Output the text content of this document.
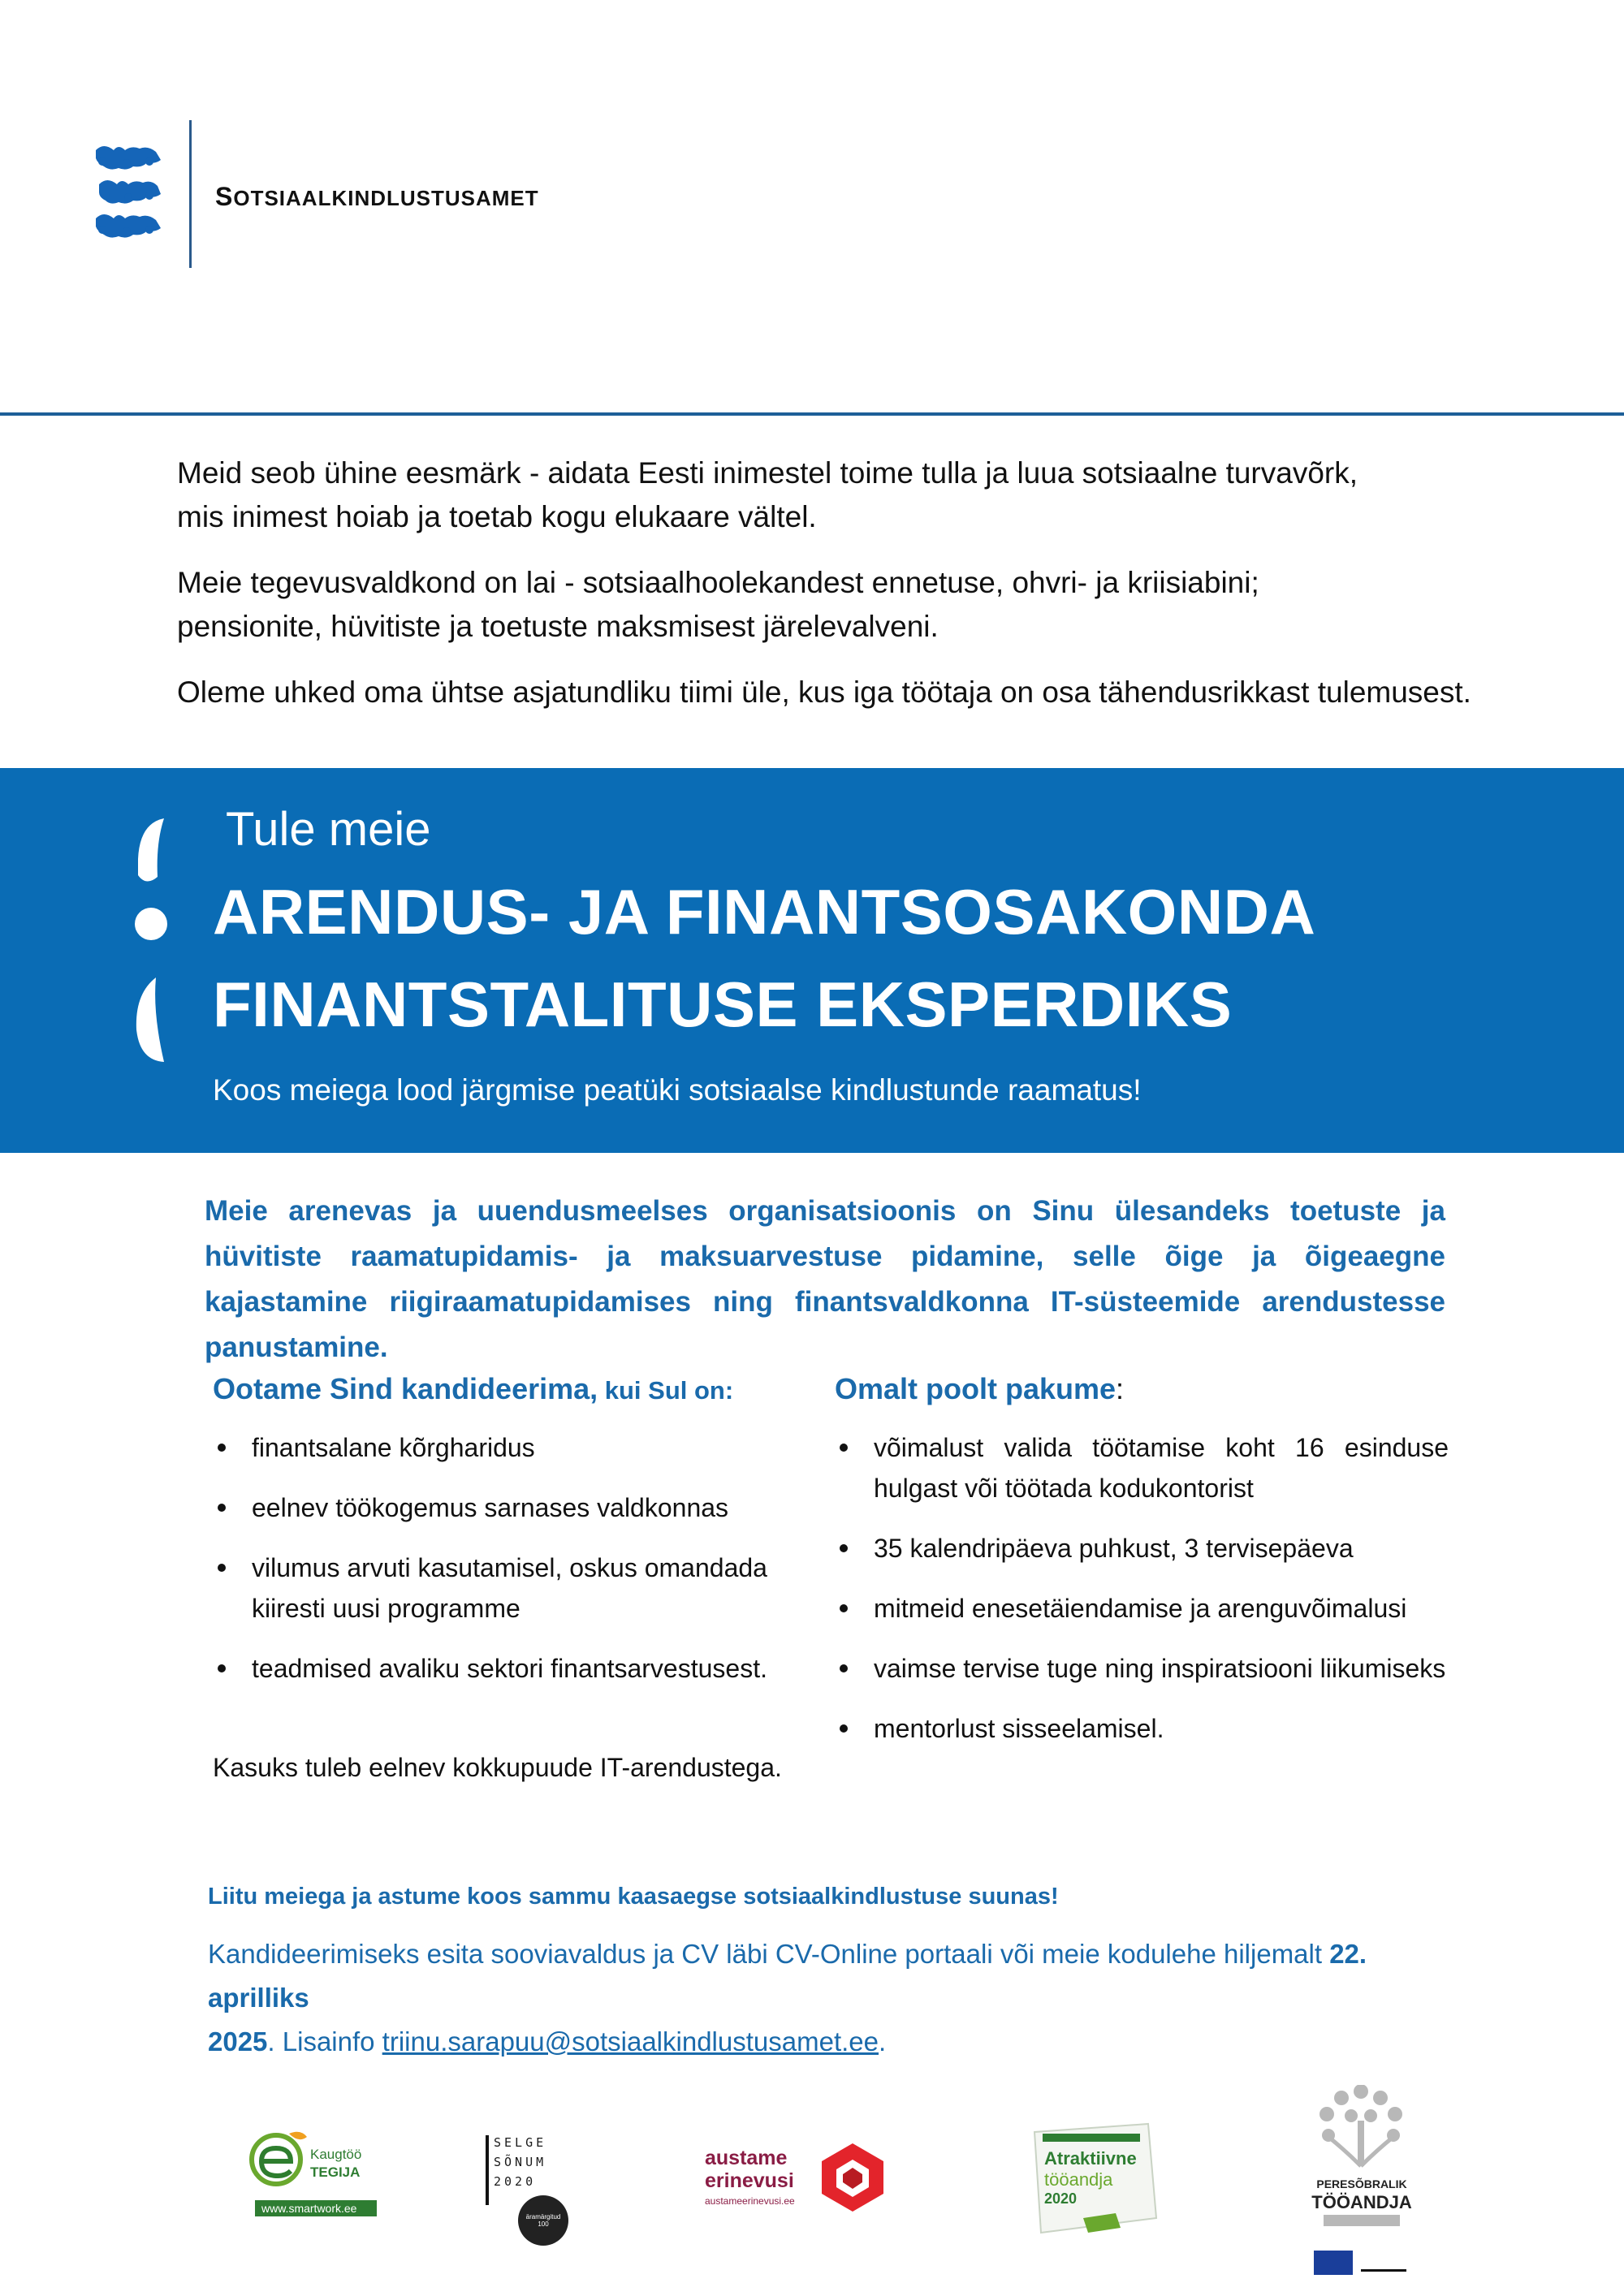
SOTSIAALKINDLUSTUSAMET

Meid seob ühine eesmärk - aidata Eesti inimestel toime tulla ja luua sotsiaalne turvavõrk,
mis inimest hoiab ja toetab kogu elukaare vältel.

Meie tegevusvaldkond on lai - sotsiaalhoolekandest ennetuse, ohvri- ja kriisiabini;
pensionite, hüvitiste ja toetuste maksmisest järelevalveni.

Oleme uhked oma ühtse asjatundliku tiimi üle, kus iga töötaja on osa tähendusrikkast tulemusest.

Tule meie
ARENDUS- JA FINANTSOSAKONDA
FINANTSTALITUSE EKSPERDIKS
Koos meiega lood järgmise peatüki sotsiaalse kindlustunde raamatus!
Meie arenevas ja uuendusmeelses organisatsioonis on Sinu ülesandeks toetuste ja hüvitiste raamatupidamis- ja maksuarvestuse pidamine, selle õige ja õigeaegne kajastamine riigiraamatupidamises ning finantsvaldkonna IT-süsteemide arendustesse panustamine.
Ootame Sind kandideerima, kui Sul on:
finantsalane kõrgharidus
eelnev töökogemus sarnases valdkonnas
vilumus arvuti kasutamisel, oskus omandada kiiresti uusi programme
teadmised avaliku sektori finantsarvestusest.
Kasuks tuleb eelnev kokkupuude IT-arendustega.
Omalt poolt pakume:
võimalust valida töötamise koht 16 esinduse hulgast või töötada kodukontorist
35 kalendripäeva puhkust, 3 tervisepäeva
mitmeid enesetäiendamise ja arenguvõimalusi
vaimse tervise tuge ning inspiratsiooni liikumiseks
mentorlust sisseelamisel.
Liitu meiega ja astume koos sammu kaasaegse sotsiaalkindlustuse suunas!
Kandideerimiseks esita sooviavaldus ja CV läbi CV-Online portaali või meie kodulehe hiljemalt 22. aprilliks
2025. Lisainfo triinu.sarapuu@sotsiaalkindlustusamet.ee.
Kaugtöö
TEGIJA
www.smartwork.ee
SELGE
SÕNUM
2020
äramärgitud 100
austame
erinevusi
austameerinevusi.ee
Atraktiivne
tööandja
2020
PERESÕBRALIK
TÖÖANDJA
